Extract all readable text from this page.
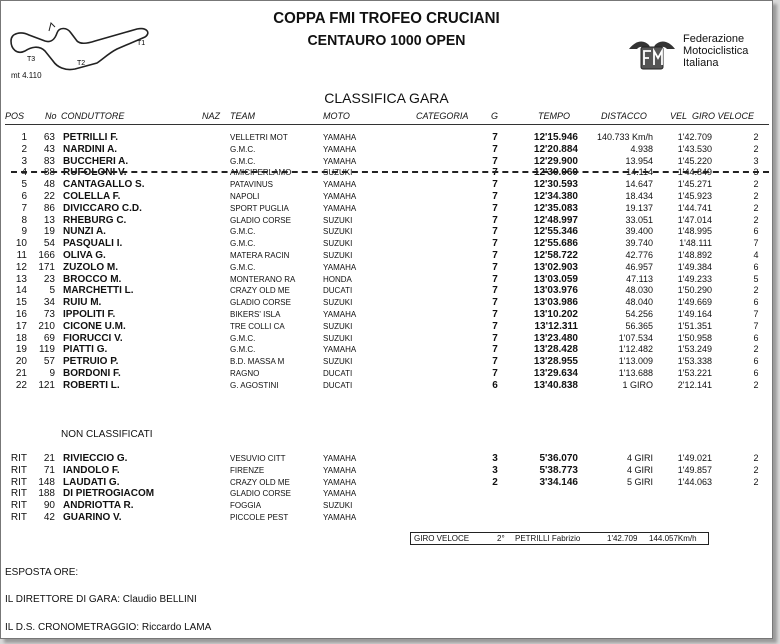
T1
T2
T3
mt 4.110
COPPA FMI TROFEO CRUCIANI
CENTAURO 1000 OPEN	Federazione Motociclistica Italiana
CLASSIFICA GARA
POS No CONDUTTORE	NAZ TEAM	MOTO	CATEGORIA	G	TEMPO	DISTACCO	VEL GIRO VELOCE
1	63 PETRILLI F.	VELLETRI MOT	YAMAHA	7	12'15.946	140.733 Km/h	1'42.709	2
2	43 NARDINI A.	G.M.C.	YAMAHA	7	12'20.884	4.938	1'43.530	2
3	83 BUCCHERI A.	G.M.C.	YAMAHA	7	12'29.900	13.954	1'45.220	3
4	88 RUFOLONI V.	AMICIPERLAMO	SUZUKI	7	12'30.060	14.114	1'44.849	3
5	48 CANTAGALLO S.	PATAVINUS	YAMAHA	7	12'30.593	14.647	1'45.271	2
6	22 COLELLA F.	NAPOLI	YAMAHA	7	12'34.380	18.434	1'45.923	2
7	86 DIVICCARO C.D.	SPORT PUGLIA	YAMAHA	7	12'35.083	19.137	1'44.741	2
8	13 RHEBURG C.	GLADIO CORSE	SUZUKI	7	12'48.997	33.051	1'47.014	2
9	19 NUNZI A.	G.M.C.	SUZUKI	7	12'55.346	39.400	1'48.995	6
10	54 PASQUALI I.	G.M.C.	SUZUKI	7	12'55.686	39.740	1'48.111	7
11	166 OLIVA G.	MATERA RACIN	SUZUKI	7	12'58.722	42.776	1'48.892	4
12	171 ZUZOLO M.	G.M.C.	YAMAHA	7	13'02.903	46.957	1'49.384	6
13	23 BROCCO M.	MONTERANO RA	HONDA	7	13'03.059	47.113	1'49.233	5
14	5 MARCHETTI L.	CRAZY OLD ME	DUCATI	7	13'03.976	48.030	1'50.290	2
15	34 RUIU M.	GLADIO CORSE	SUZUKI	7	13'03.986	48.040	1'49.669	6
16	73 IPPOLITI F.	BIKERS' ISLA	YAMAHA	7	13'10.202	54.256	1'49.164	7
17	210 CICONE U.M.	TRE COLLI CA	SUZUKI	7	13'12.311	56.365	1'51.351	7
18	69 FIORUCCI V.	G.M.C.	SUZUKI	7	13'23.480	1'07.534	1'50.958	6
19	119 PIATTI G.	G.M.C.	YAMAHA	7	13'28.428	1'12.482	1'53.249	2
20	57 PETRUIO P.	B.D. MASSA M	SUZUKI	7	13'28.955	1'13.009	1'53.338	6
21	9 BORDONI F.	RAGNO	DUCATI	7	13'29.634	1'13.688	1'53.221	6
22	121 ROBERTI L.	G. AGOSTINI	DUCATI	6	13'40.838	1 GIRO	2'12.141	2
NON CLASSIFICATI
RIT	21 RIVIECCIO G.	VESUVIO CITT	YAMAHA	3	5'36.070	4 GIRI	1'49.021	2
RIT	71 IANDOLO F.	FIRENZE	YAMAHA	3	5'38.773	4 GIRI	1'49.857	2
RIT	148 LAUDATI G.	CRAZY OLD ME	YAMAHA	2	3'34.146	5 GIRI	1'44.063	2
RIT	188 DI PIETROGIACOM	GLADIO CORSE	YAMAHA
RIT	90 ANDRIOTTA R.	FOGGIA	SUZUKI
RIT	42 GUARINO V.	PICCOLE PEST	YAMAHA
GIRO VELOCE	2° PETRILLI Fabrizio	1'42.709 144.057Km/h
ESPOSTA ORE:
IL DIRETTORE DI GARA: Claudio BELLINI
IL D.S. CRONOMETRAGGIO: Riccardo LAMA
